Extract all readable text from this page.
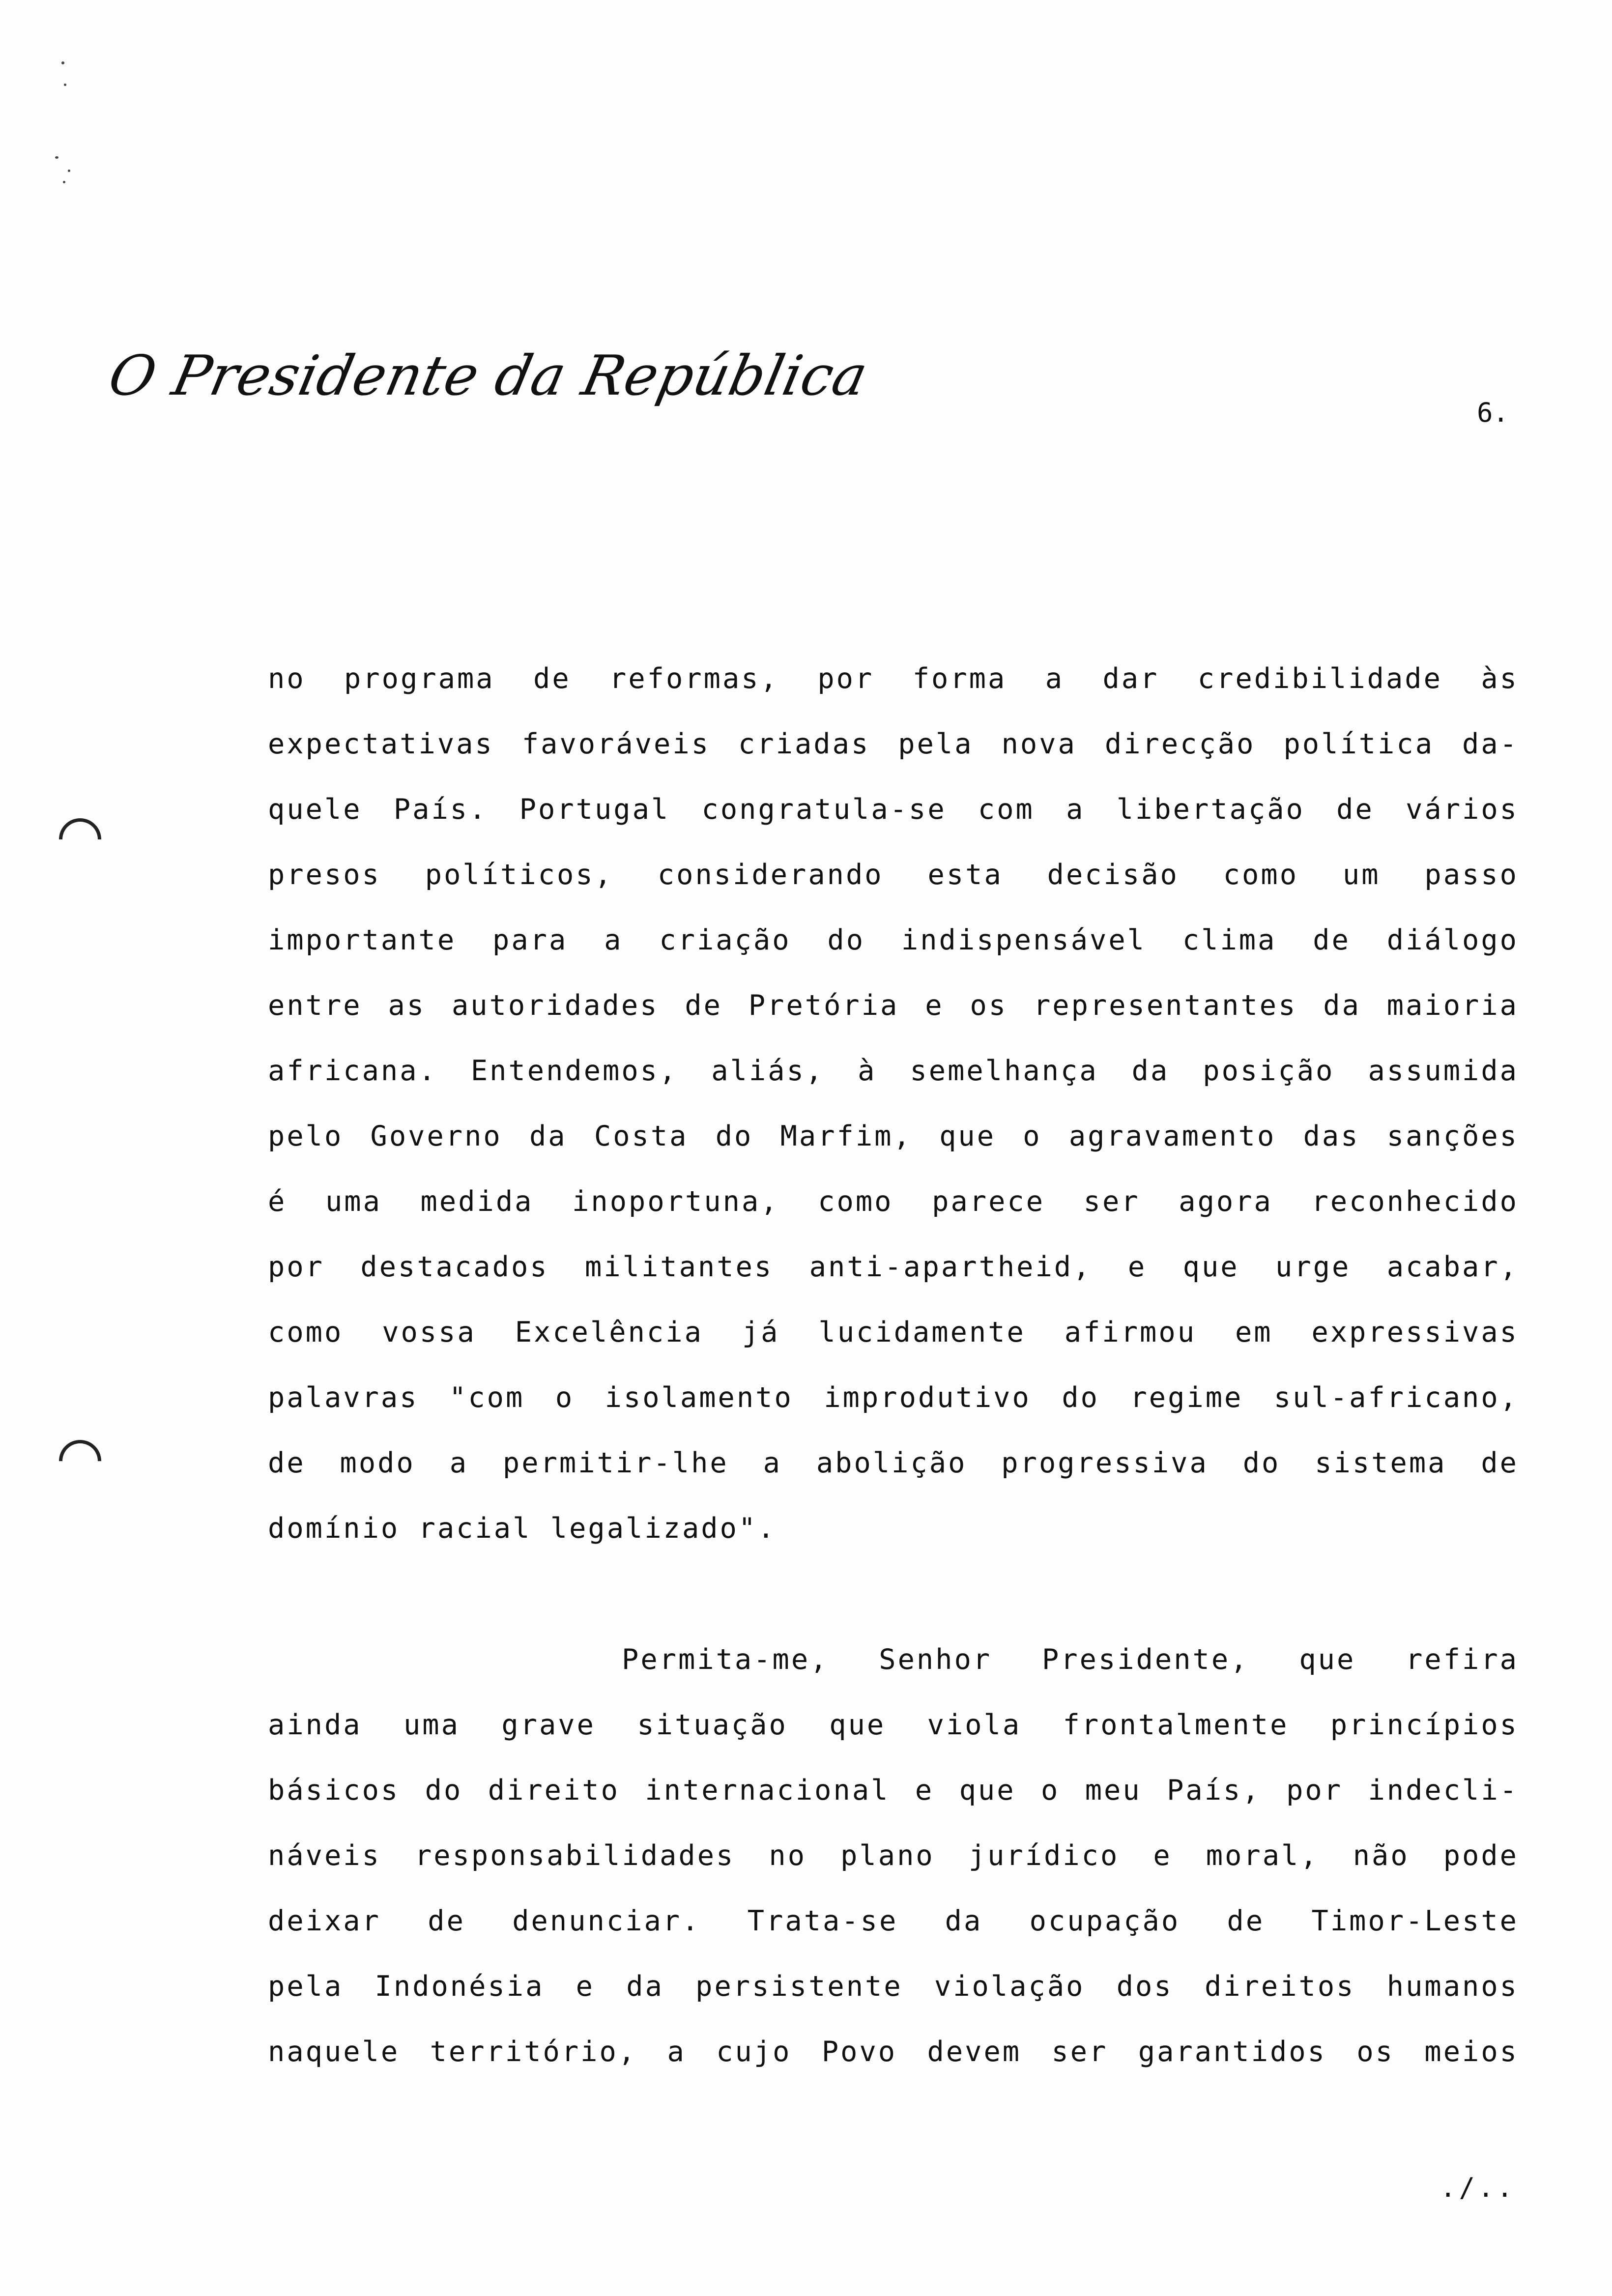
O Presidente da República
6.
no programa de reformas, por forma a dar credibilidade às
expectativas favoráveis criadas pela nova direcção política da-
quele País. Portugal congratula-se com a libertação de vários
presos políticos, considerando esta decisão como um passo
importante para a criação do indispensável clima de diálogo
entre as autoridades de Pretória e os representantes da maioria
africana. Entendemos, aliás, à semelhança da posição assumida
pelo Governo da Costa do Marfim, que o agravamento das sanções
é uma medida inoportuna, como parece ser agora reconhecido
por destacados militantes anti-apartheid, e que urge acabar,
como vossa Excelência já lucidamente afirmou em expressivas
palavras "com o isolamento improdutivo do regime sul-africano,
de modo a permitir-lhe a abolição progressiva do sistema de
domínio racial legalizado".
Permita-me, Senhor Presidente, que refira
ainda uma grave situação que viola frontalmente princípios
básicos do direito internacional e que o meu País, por indecli-
náveis responsabilidades no plano jurídico e moral, não pode
deixar de denunciar. Trata-se da ocupação de Timor-Leste
pela Indonésia e da persistente violação dos direitos humanos
naquele território, a cujo Povo devem ser garantidos os meios
./..
